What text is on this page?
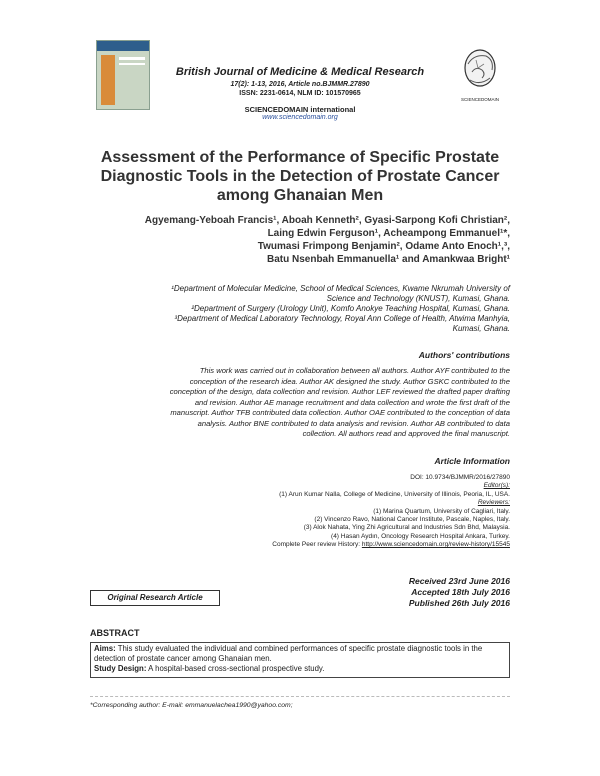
British Journal of Medicine & Medical Research
17(2): 1-13, 2016, Article no.BJMMR.27890
ISSN: 2231-0614, NLM ID: 101570965
SCIENCEDOMAIN international
www.sciencedomain.org
SCIENCEDOMAIN
Assessment of the Performance of Specific Prostate
Diagnostic Tools in the Detection of Prostate Cancer
among Ghanaian Men
Agyemang-Yeboah Francis¹, Aboah Kenneth², Gyasi-Sarpong Kofi Christian²,
Laing Edwin Ferguson¹, Acheampong Emmanuel¹*,
Twumasi Frimpong Benjamin², Odame Anto Enoch¹,³,
Batu Nsenbah Emmanuella¹ and Amankwaa Bright¹
¹Department of Molecular Medicine, School of Medical Sciences, Kwame Nkrumah University of
Science and Technology (KNUST), Kumasi, Ghana.
²Department of Surgery (Urology Unit), Komfo Anokye Teaching Hospital, Kumasi, Ghana.
³Department of Medical Laboratory Technology, Royal Ann College of Health, Atwima Manhyia,
Kumasi, Ghana.
Authors' contributions
This work was carried out in collaboration between all authors. Author AYF contributed to the
conception of the research idea. Author AK designed the study. Author GSKC contributed to the
conception of the design, data collection and revision. Author LEF reviewed the drafted paper drafting
and revision. Author AE manage recruitment and data collection and wrote the first draft of the
manuscript. Author TFB contributed data collection. Author OAE contributed to the conception of data
analysis. Author BNE contributed to data analysis and revision. Author AB contributed to data
collection. All authors read and approved the final manuscript.
Article Information
DOI: 10.9734/BJMMR/2016/27890
Editor(s):
(1) Arun Kumar Nalla, College of Medicine, University of Illinois, Peoria, IL, USA.
Reviewers:
(1) Marina Quartum, University of Cagliari, Italy.
(2) Vincenzo Ravo, National Cancer Institute, Pascale, Naples, Italy.
(3) Alok Nahata, Ying Zhi Agricultural and Industries Sdn Bhd, Malaysia.
(4) Hasan Aydın, Oncology Research Hospital Ankara, Turkey.
Complete Peer review History: http://www.sciencedomain.org/review-history/15545
Original Research Article
Received 23rd June 2016
Accepted 18th July 2016
Published 26th July 2016
ABSTRACT
Aims: This study evaluated the individual and combined performances of specific prostate diagnostic tools in the detection of prostate cancer among Ghanaian men.
Study Design: A hospital-based cross-sectional prospective study.
*Corresponding author: E-mail: emmanuelachea1990@yahoo.com;
